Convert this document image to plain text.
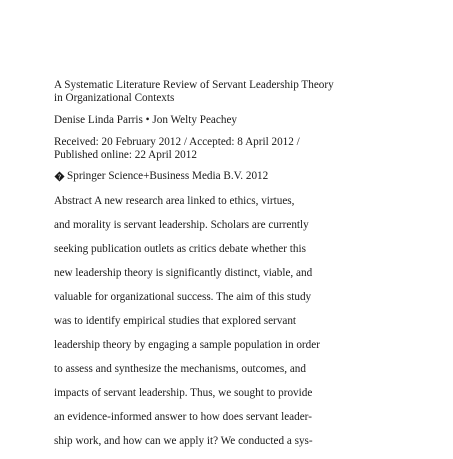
A Systematic Literature Review of Servant Leadership Theory
in Organizational Contexts

Denise Linda Parris • Jon Welty Peachey

Received: 20 February 2012 / Accepted: 8 April 2012 /
Published online: 22 April 2012
? Springer Science+Business Media B.V. 2012
Abstract A new research area linked to ethics, virtues,
and morality is servant leadership. Scholars are currently
seeking publication outlets as critics debate whether this
new leadership theory is significantly distinct, viable, and
valuable for organizational success. The aim of this study
was to identify empirical studies that explored servant
leadership theory by engaging a sample population in order
to assess and synthesize the mechanisms, outcomes, and
impacts of servant leadership. Thus, we sought to provide
an evidence-informed answer to how does servant leader-
ship work, and how can we apply it? We conducted a sys-
